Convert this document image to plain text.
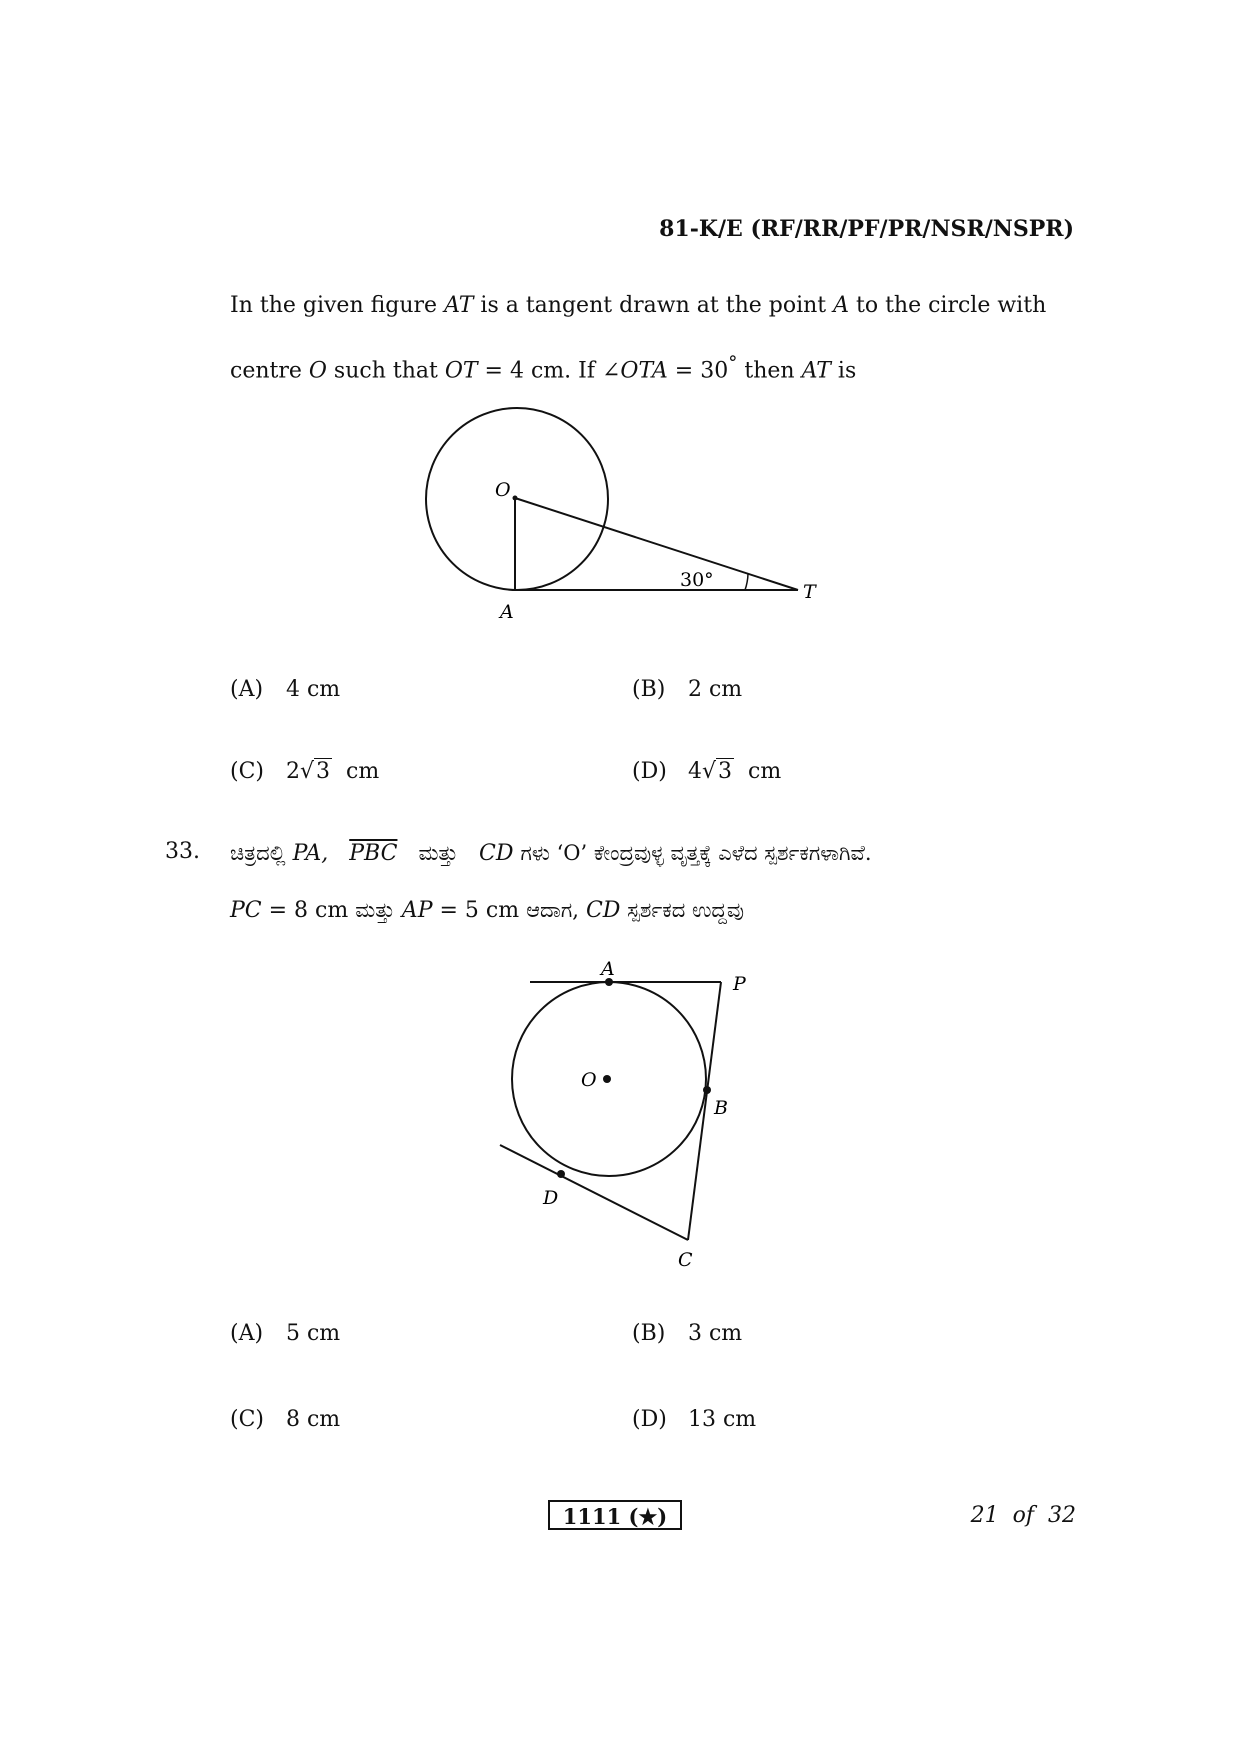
81-K/E (RF/RR/PF/PR/NSR/NSPR)
In the given figure AT is a tangent drawn at the point A to the circle with
centre O such that OT = 4 cm. If ∠OTA = 30° then AT is
O
A
T
30°
(A) 4 cm	(B) 2 cm
(C) 2√3 cm	(D) 4√3 cm
33. ಚಿತ್ರದಲ್ಲಿ PA, $\overline{PBC}$ ಮತ್ತು CD ಗಳು ‘O’ ಕೇಂದ್ರವುಳ್ಳ ವೃತ್ತಕ್ಕೆ ಎಳೆದ ಸ್ಪರ್ಶಕಗಳಾಗಿವೆ.
PC = 8 cm ಮತ್ತು AP = 5 cm ಆದಾಗ, CD ಸ್ಪರ್ಶಕದ ಉದ್ದವು
A
P
O
B
D
C
(A) 5 cm	(B) 3 cm
(C) 8 cm	(D) 13 cm
1111 (★)	21 of 32
